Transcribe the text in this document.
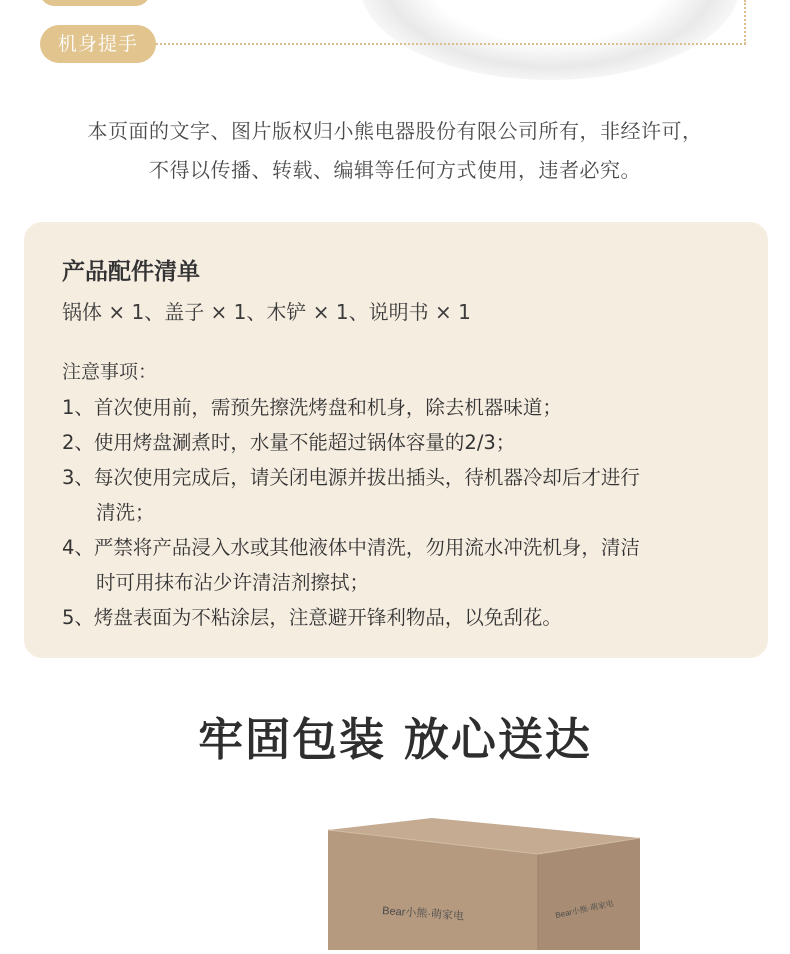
机身提手

本页面的文字、图片版权归小熊电器股份有限公司所有，非经许可，

不得以传播、转载、编辑等任何方式使用，违者必究。

产品配件清单

锅体 × 1、盖子 × 1、木铲 × 1、说明书 × 1

注意事项：

1、首次使用前，需预先擦洗烤盘和机身，除去机器味道；
2、使用烤盘涮煮时，水量不能超过锅体容量的2/3；
3、每次使用完成后，请关闭电源并拔出插头，待机器冷却后才进行
清洗；
4、严禁将产品浸入水或其他液体中清洗，勿用流水冲洗机身，清洁
时可用抹布沾少许清洁剂擦拭；
5、烤盘表面为不粘涂层，注意避开锋利物品，以免刮花。
牢固包装 放心送达
Bear小熊·萌家电	Bear小熊·萌家电
